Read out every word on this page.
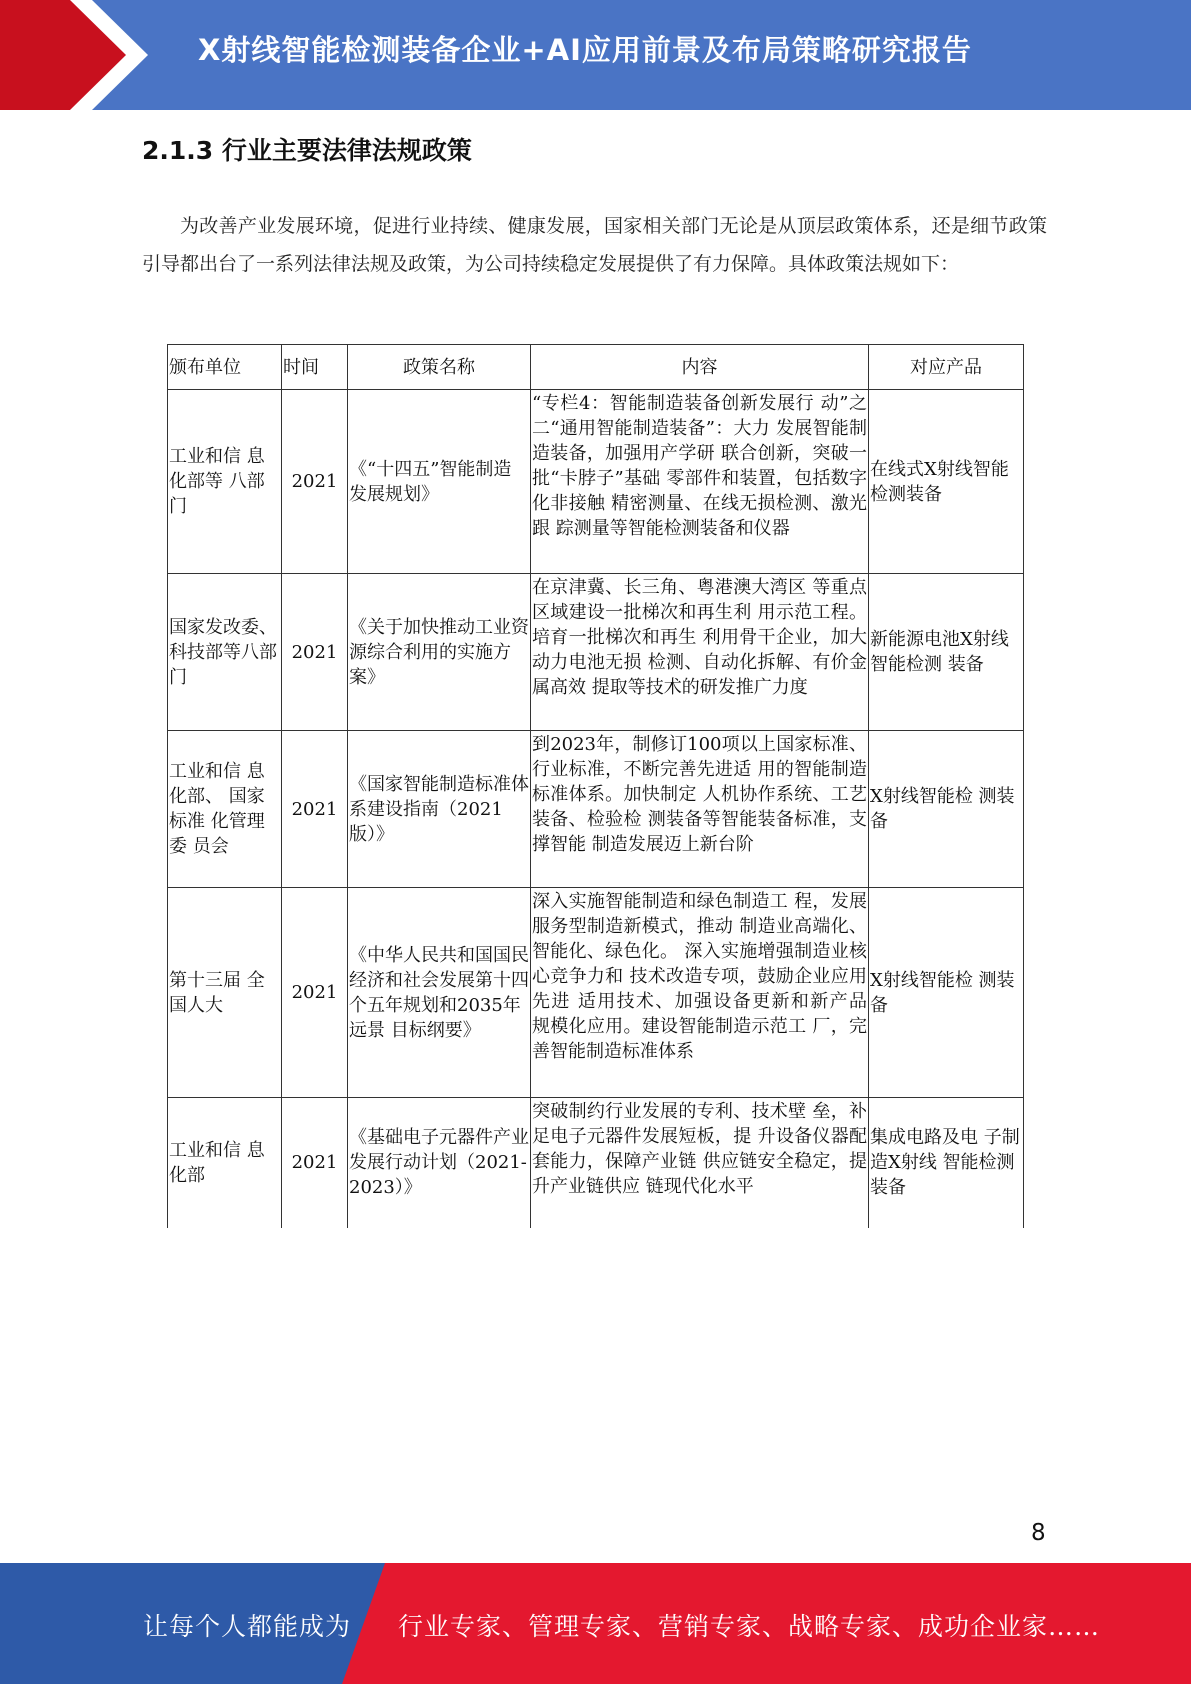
X射线智能检测装备企业+AI应用前景及布局策略研究报告
2.1.3 行业主要法律法规政策
为改善产业发展环境，促进行业持续、健康发展，国家相关部门无论是从顶层政策体系，还是细节政策引导都出台了一系列法律法规及政策，为公司持续稳定发展提供了有力保障。具体政策法规如下：
颁布单位	时间	政策名称	内容	对应产品
工业和信 息化部等 八部门	2021	《“十四五”智能制造发展规划》	“专栏4：智能制造装备创新发展行 动”之二“通用智能制造装备”：大力 发展智能制造装备，加强用产学研 联合创新，突破一批“卡脖子”基础 零部件和装置，包括数字化非接触 精密测量、在线无损检测、激光跟 踪测量等智能检测装备和仪器	在线式X射线智能检测装备
国家发改委、科技部等八部门	2021	《关于加快推动工业资源综合利用的实施方案》	在京津冀、长三角、粤港澳大湾区 等重点区域建设一批梯次和再生利 用示范工程。培育一批梯次和再生 利用骨干企业，加大动力电池无损 检测、自动化拆解、有价金属高效 提取等技术的研发推广力度	新能源电池X射线智能检测 装备
工业和信 息化部、 国家标准 化管理委 员会	2021	《国家智能制造标准体系建设指南（2021版）》	到2023年，制修订100项以上国家标准、行业标准，不断完善先进适 用的智能制造标准体系。加快制定 人机协作系统、工艺装备、检验检 测装备等智能装备标准，支撑智能 制造发展迈上新台阶	X射线智能检 测装备
第十三届 全国人大	2021	《中华人民共和国国民经济和社会发展第十四个五年规划和2035年远景 目标纲要》	深入实施智能制造和绿色制造工 程，发展服务型制造新模式，推动 制造业高端化、智能化、绿色化。 深入实施增强制造业核心竞争力和 技术改造专项，鼓励企业应用先进 适用技术、加强设备更新和新产品 规模化应用。建设智能制造示范工 厂，完善智能制造标准体系	X射线智能检 测装备
工业和信 息化部	2021	《基础电子元器件产业发展行动计划（2021-2023）》	突破制约行业发展的专利、技术壁 垒，补足电子元器件发展短板，提 升设备仪器配套能力，保障产业链 供应链安全稳定，提升产业链供应 链现代化水平	集成电路及电 子制造X射线 智能检测装备
8
让每个人都能成为 行业专家、管理专家、营销专家、战略专家、成功企业家……
